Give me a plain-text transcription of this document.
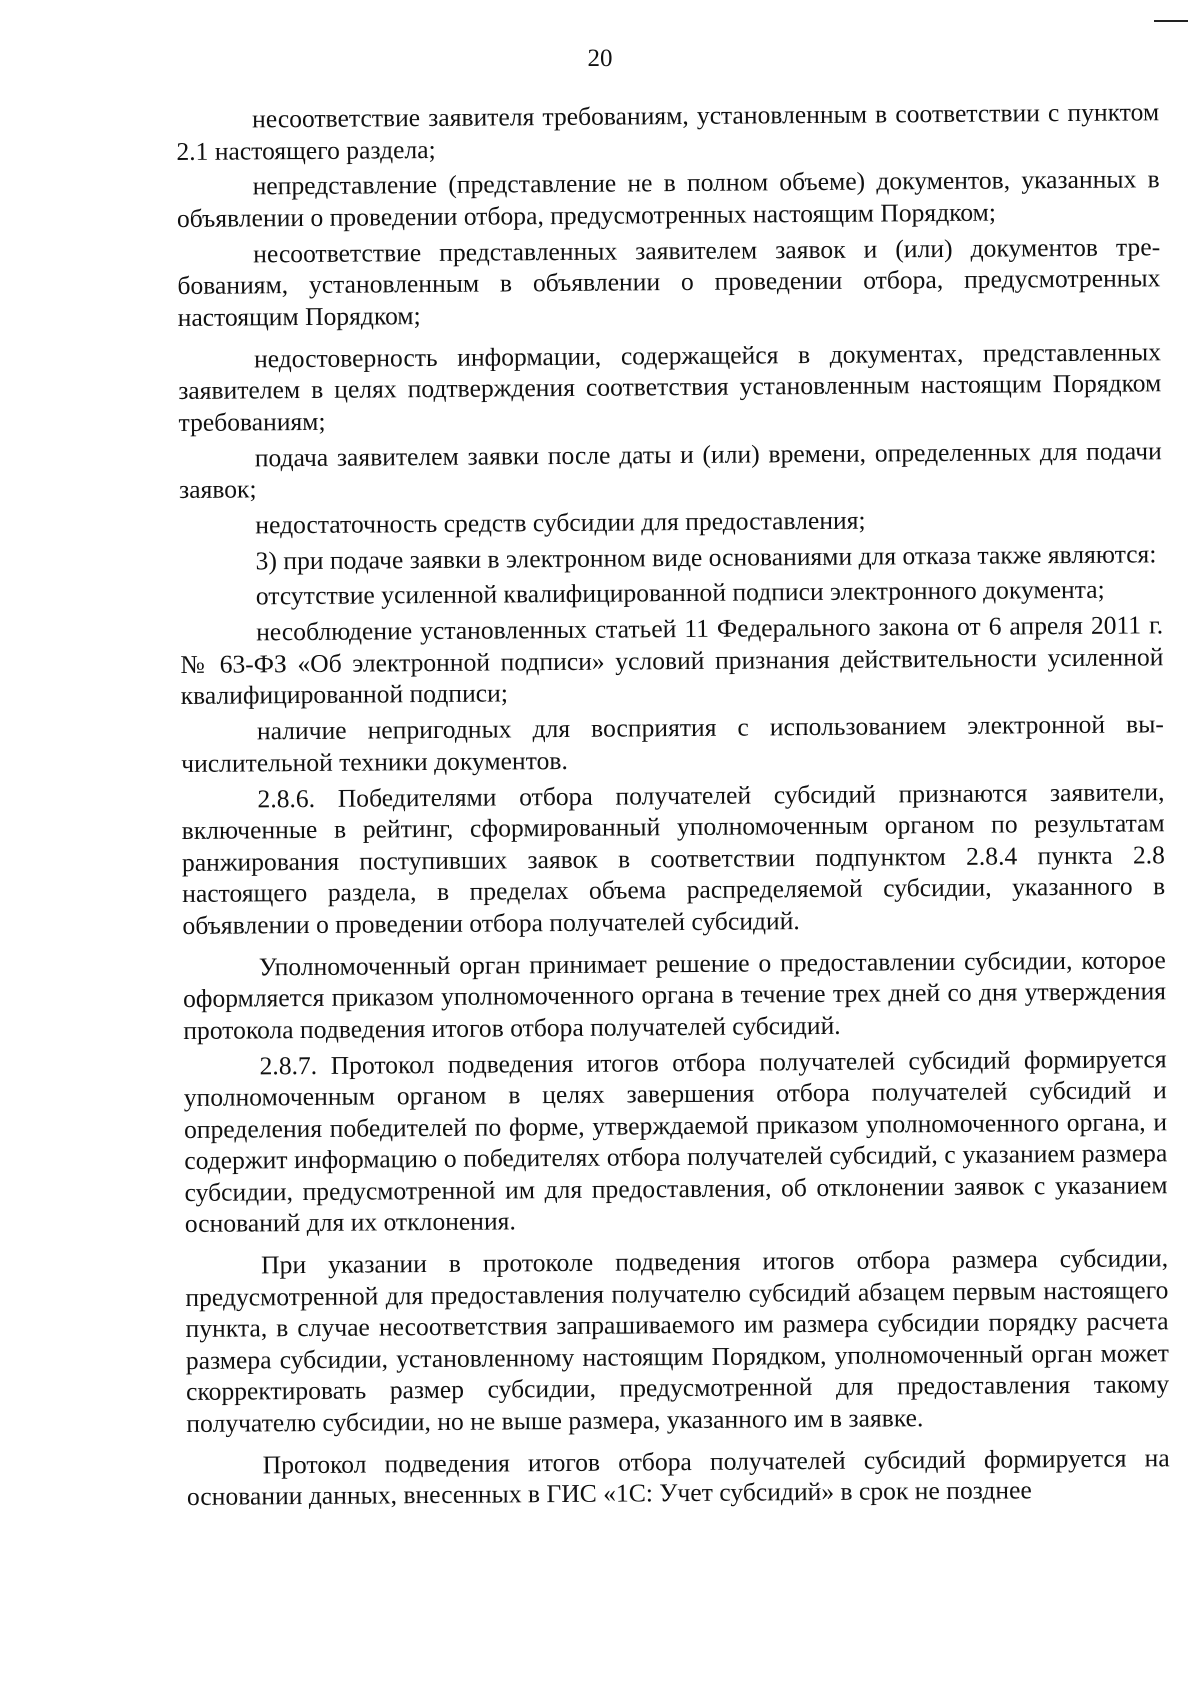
20

несоответствие заявителя требованиям, установленным в соответствии с пунктом 2.1 настоящего раздела;

непредставление (представление не в полном объеме) документов, указанных в объявлении о проведении отбора, предусмотренных настоящим Порядком;

несоответствие представленных заявителем заявок и (или) документов требованиям, установленным в объявлении о проведении отбора, предусмотренных настоящим Порядком;

недостоверность информации, содержащейся в документах, представленных заявителем в целях подтверждения соответствия установленным настоящим Порядком требованиям;

подача заявителем заявки после даты и (или) времени, определенных для подачи заявок;

недостаточность средств субсидии для предоставления;

3) при подаче заявки в электронном виде основаниями для отказа также являются:

отсутствие усиленной квалифицированной подписи электронного документа;

несоблюдение установленных статьей 11 Федерального закона от 6 апреля 2011 г. № 63-ФЗ «Об электронной подписи» условий признания действительности усиленной квалифицированной подписи;

наличие непригодных для восприятия с использованием электронной вычислительной техники документов.

2.8.6. Победителями отбора получателей субсидий признаются заявители, включенные в рейтинг, сформированный уполномоченным органом по результатам ранжирования поступивших заявок в соответствии подпунктом 2.8.4 пункта 2.8 настоящего раздела, в пределах объема распределяемой субсидии, указанного в объявлении о проведении отбора получателей субсидий.

Уполномоченный орган принимает решение о предоставлении субсидии, которое оформляется приказом уполномоченного органа в течение трех дней со дня утверждения протокола подведения итогов отбора получателей субсидий.

2.8.7. Протокол подведения итогов отбора получателей субсидий формируется уполномоченным органом в целях завершения отбора получателей субсидий и определения победителей по форме, утверждаемой приказом уполномоченного органа, и содержит информацию о победителях отбора получателей субсидий, с указанием размера субсидии, предусмотренной им для предоставления, об отклонении заявок с указанием оснований для их отклонения.

При указании в протоколе подведения итогов отбора размера субсидии, предусмотренной для предоставления получателю субсидий абзацем первым настоящего пункта, в случае несоответствия запрашиваемого им размера субсидии порядку расчета размера субсидии, установленному настоящим Порядком, уполномоченный орган может скорректировать размер субсидии, предусмотренной для предоставления такому получателю субсидии, но не выше размера, указанного им в заявке.

Протокол подведения итогов отбора получателей субсидий формируется на основании данных, внесенных в ГИС «1С: Учет субсидий» в срок не позднее
